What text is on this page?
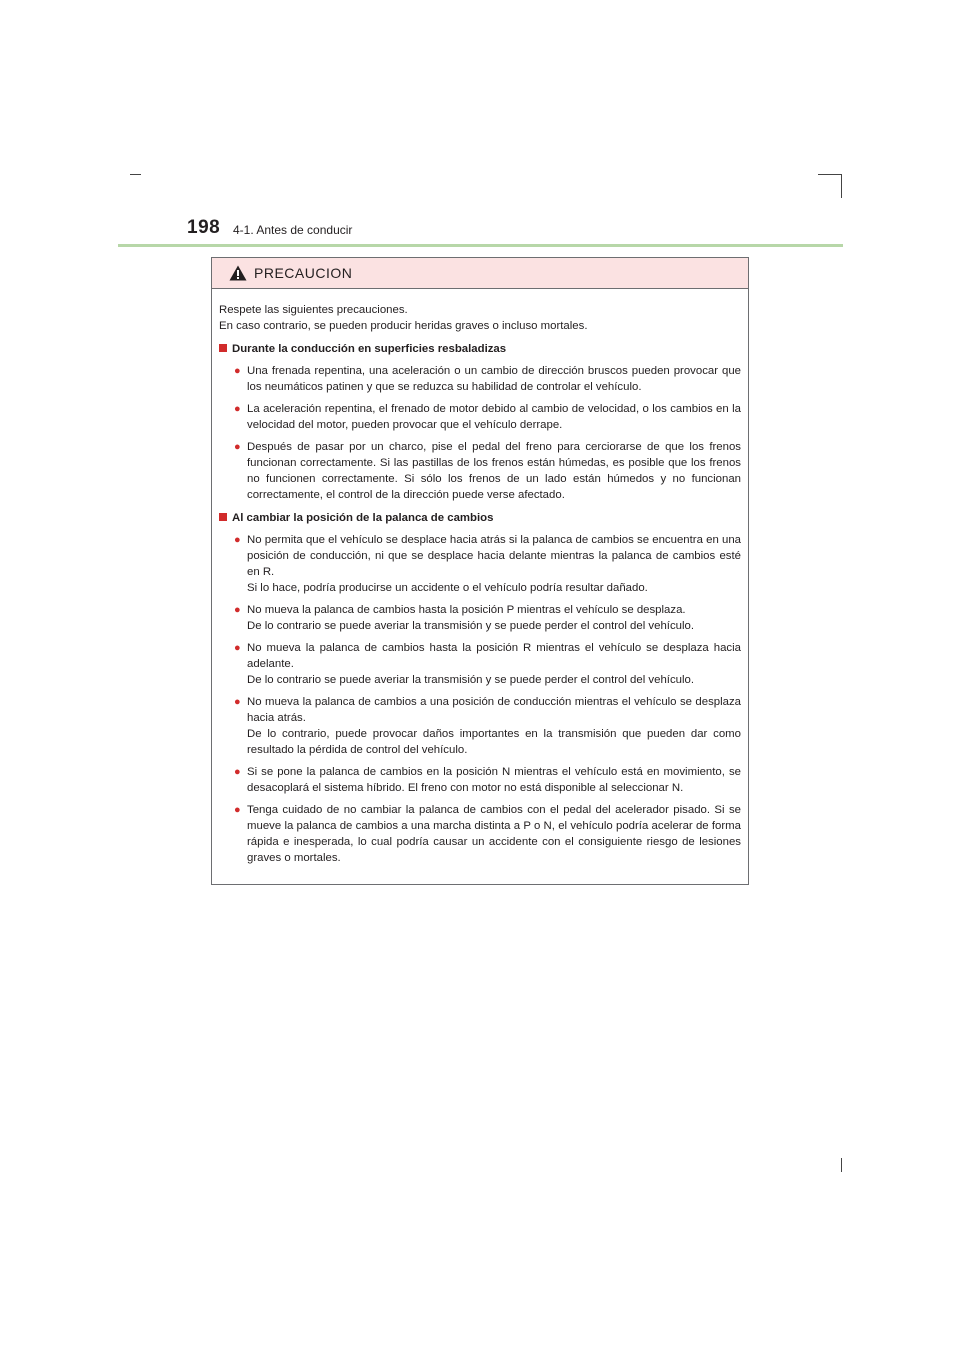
198 4-1. Antes de conducir
PRECAUCION

Respete las siguientes precauciones.

En caso contrario, se pueden producir heridas graves o incluso mortales.

Durante la conducción en superficies resbaladizas
● Una frenada repentina, una aceleración o un cambio de dirección bruscos pueden provocar que los neumáticos patinen y que se reduzca su habilidad de controlar el vehículo.

● La aceleración repentina, el frenado de motor debido al cambio de velocidad, o los cambios en la velocidad del motor, pueden provocar que el vehículo derrape.

● Después de pasar por un charco, pise el pedal del freno para cerciorarse de que los frenos funcionan correctamente. Si las pastillas de los frenos están húmedas, es posible que los frenos no funcionen correctamente. Si sólo los frenos de un lado están húmedos y no funcionan correctamente, el control de la dirección puede verse afectado.

Al cambiar la posición de la palanca de cambios
● No permita que el vehículo se desplace hacia atrás si la palanca de cambios se encuentra en una posición de conducción, ni que se desplace hacia delante mientras la palanca de cambios esté en R.

Si lo hace, podría producirse un accidente o el vehículo podría resultar dañado.

● No mueva la palanca de cambios hasta la posición P mientras el vehículo se desplaza.

De lo contrario se puede averiar la transmisión y se puede perder el control del vehículo.

● No mueva la palanca de cambios hasta la posición R mientras el vehículo se desplaza hacia adelante.

De lo contrario se puede averiar la transmisión y se puede perder el control del vehículo.

● No mueva la palanca de cambios a una posición de conducción mientras el vehículo se desplaza hacia atrás.

De lo contrario, puede provocar daños importantes en la transmisión que pueden dar como resultado la pérdida de control del vehículo.

● Si se pone la palanca de cambios en la posición N mientras el vehículo está en movimiento, se desacoplará el sistema híbrido. El freno con motor no está disponible al seleccionar N.

● Tenga cuidado de no cambiar la palanca de cambios con el pedal del acelerador pisado. Si se mueve la palanca de cambios a una marcha distinta a P o N, el vehículo podría acelerar de forma rápida e inesperada, lo cual podría causar un accidente con el consiguiente riesgo de lesiones graves o mortales.
